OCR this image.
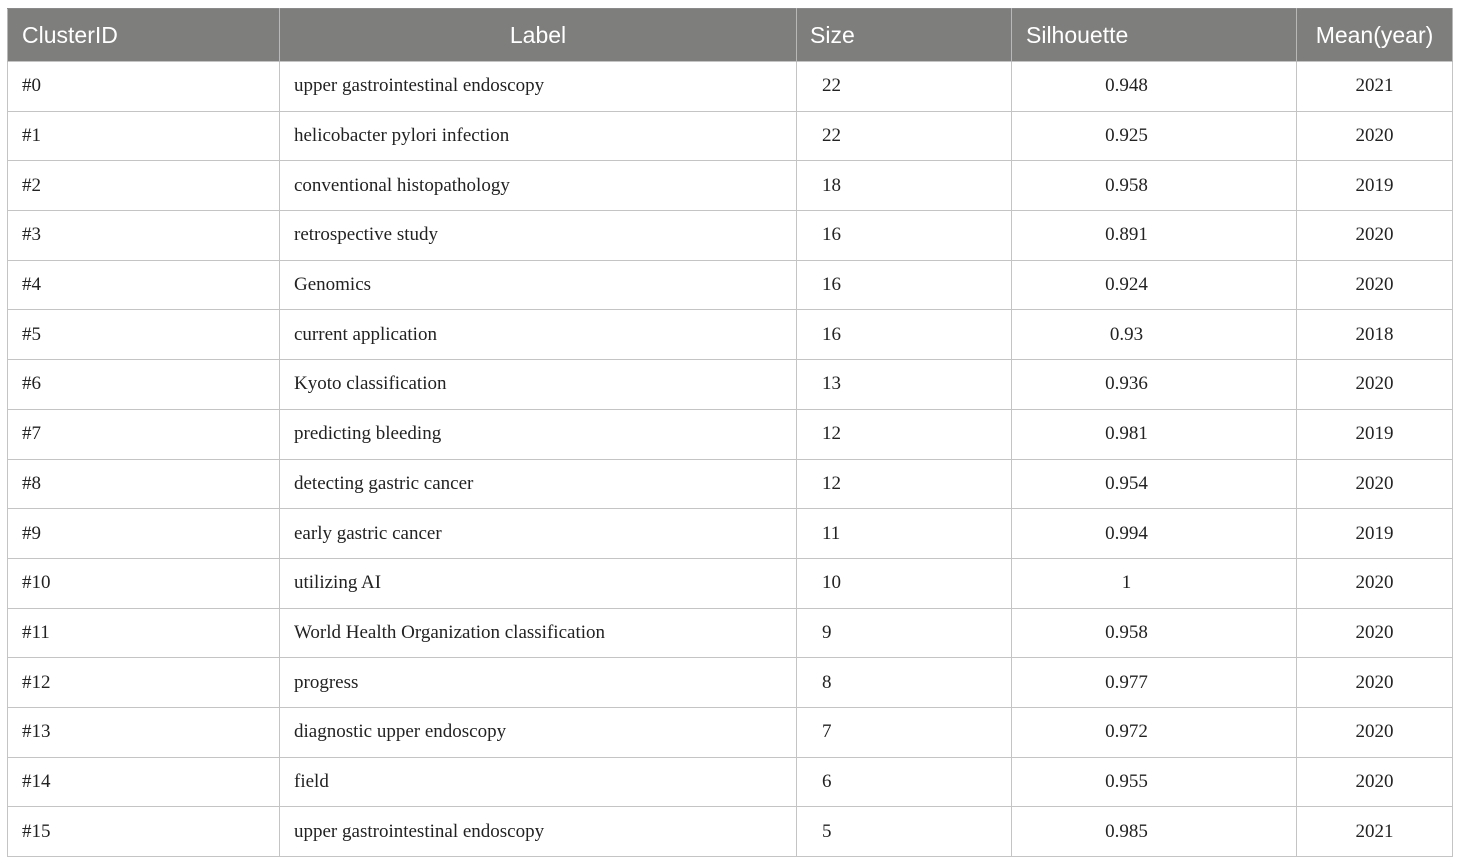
ClusterID	Label	Size	Silhouette	Mean(year)
#0	upper gastrointestinal endoscopy	22	0.948	2021
#1	helicobacter pylori infection	22	0.925	2020
#2	conventional histopathology	18	0.958	2019
#3	retrospective study	16	0.891	2020
#4	Genomics	16	0.924	2020
#5	current application	16	0.93	2018
#6	Kyoto classification	13	0.936	2020
#7	predicting bleeding	12	0.981	2019
#8	detecting gastric cancer	12	0.954	2020
#9	early gastric cancer	11	0.994	2019
#10	utilizing AI	10	1	2020
#11	World Health Organization classification	9	0.958	2020
#12	progress	8	0.977	2020
#13	diagnostic upper endoscopy	7	0.972	2020
#14	field	6	0.955	2020
#15	upper gastrointestinal endoscopy	5	0.985	2021
